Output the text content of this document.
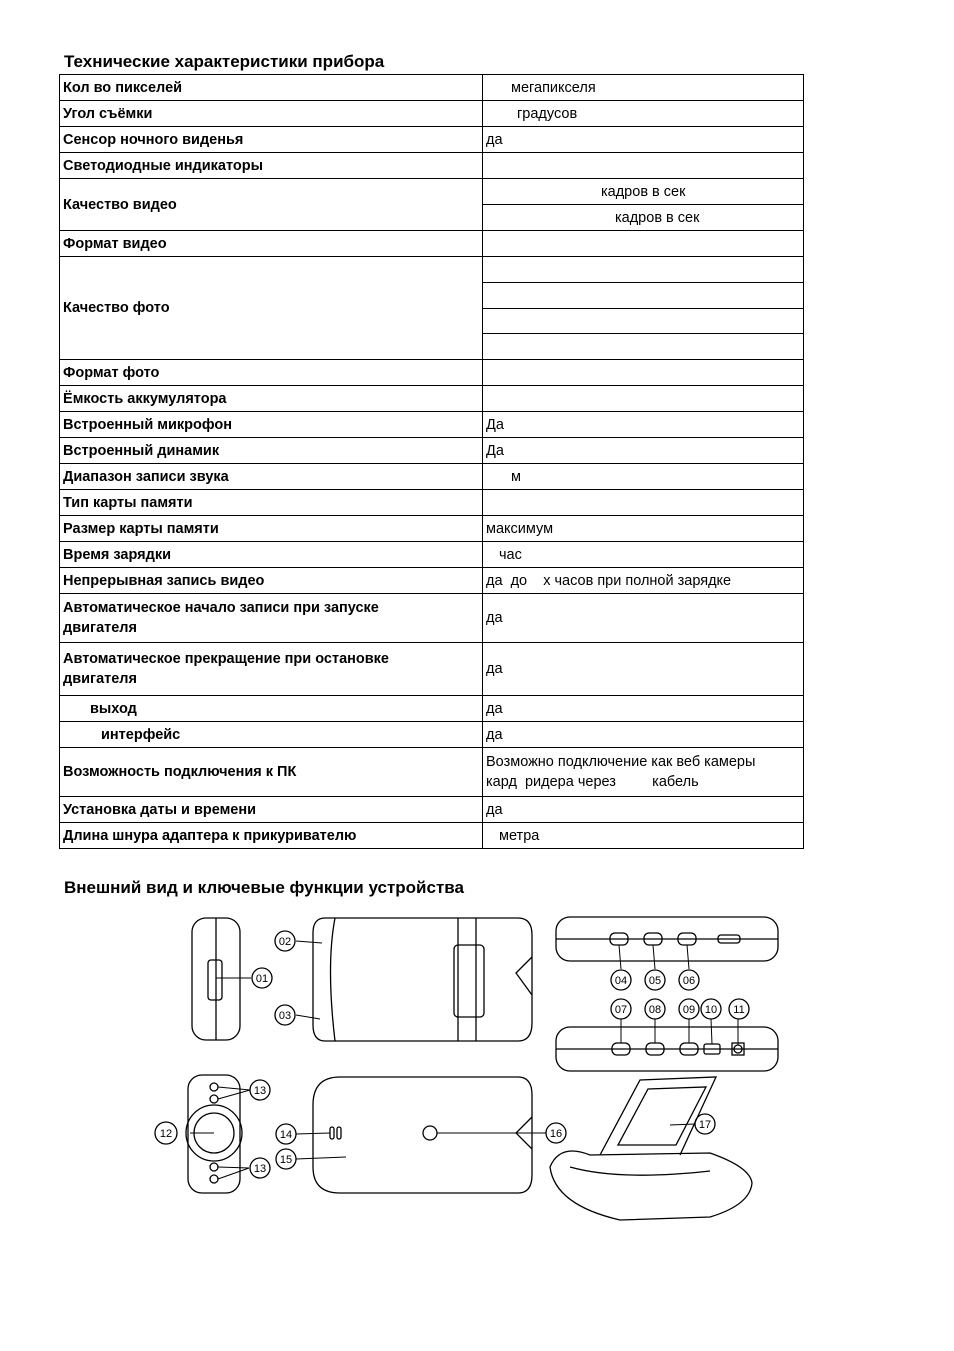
Технические характеристики прибора
Кол во пикселей	мегапикселя
Угол съёмки	градусов
Сенсор ночного виденья	да
Светодиодные индикаторы	
Качество видео	кадров в сек
	кадров в сек
Формат видео	
Качество фото	

Формат фото	
Ёмкость аккумулятора	
Встроенный микрофон	Да
Встроенный динамик	Да
Диапазон записи звука	м
Тип карты памяти	
Размер карты памяти	максимум
Время зарядки	час
Непрерывная запись видео	да  до    х часов при полной зарядке

Автоматическое начало записи при запуске
двигателя	да

Автоматическое прекращение при остановке
двигателя	да
выход	да
интерфейс	да
Возможность подключения к ПК	Возможно подключение как веб камеры
кард  ридера через         кабель

Установка даты и времени	да
Длина шнура адаптера к прикуривателю	метра
Внешний вид и ключевые функции устройства
01
02
03
04 05 06
07 08 09 10 11
12
13
13
14
15
16
17
